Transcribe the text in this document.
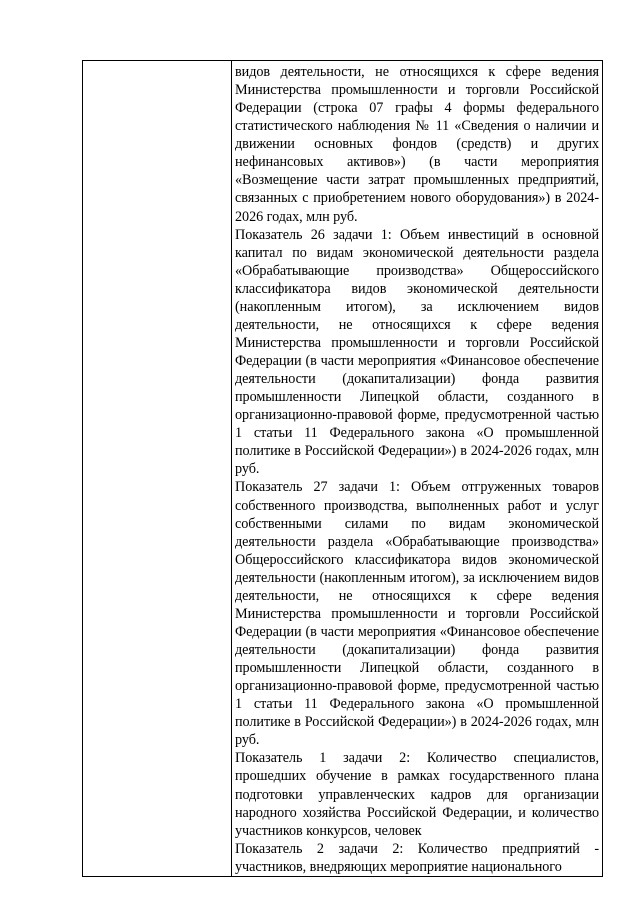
видов деятельности, не относящихся к сфере ведения Министерства промышленности и торговли Российской Федерации (строка 07 графы 4 формы федерального статистического наблюдения № 11 «Сведения о наличии и движении основных фондов (средств) и других нефинансовых активов») (в части мероприятия «Возмещение части затрат промышленных предприятий, связанных с приобретением нового оборудования») в 2024-2026 годах, млн руб.

Показатель 26 задачи 1: Объем инвестиций в основной капитал по видам экономической деятельности раздела «Обрабатывающие производства» Общероссийского классификатора видов экономической деятельности (накопленным итогом), за исключением видов деятельности, не относящихся к сфере ведения Министерства промышленности и торговли Российской Федерации (в части мероприятия «Финансовое обеспечение деятельности (докапитализации) фонда развития промышленности Липецкой области, созданного в организационно-правовой форме, предусмотренной частью 1 статьи 11 Федерального закона «О промышленной политике в Российской Федерации») в 2024-2026 годах, млн руб.

Показатель 27 задачи 1: Объем отгруженных товаров собственного производства, выполненных работ и услуг собственными силами по видам экономической деятельности раздела «Обрабатывающие производства» Общероссийского классификатора видов экономической деятельности (накопленным итогом), за исключением видов деятельности, не относящихся к сфере ведения Министерства промышленности и торговли Российской Федерации (в части мероприятия «Финансовое обеспечение деятельности (докапитализации) фонда развития промышленности Липецкой области, созданного в организационно-правовой форме, предусмотренной частью 1 статьи 11 Федерального закона «О промышленной политике в Российской Федерации») в 2024-2026 годах, млн руб.

Показатель 1 задачи 2: Количество специалистов, прошедших обучение в рамках государственного плана подготовки управленческих кадров для организации народного хозяйства Российской Федерации, и количество участников конкурсов, человек

Показатель 2 задачи 2: Количество предприятий - участников, внедряющих мероприятие национального
